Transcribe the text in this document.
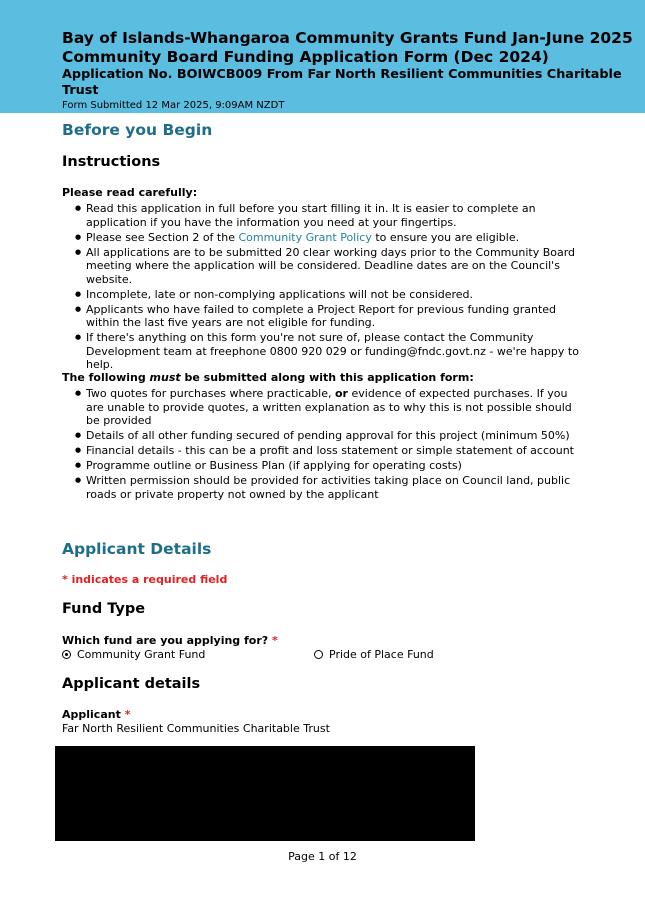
Bay of Islands-Whangaroa Community Grants Fund Jan-June 2025
Community Board Funding Application Form (Dec 2024)
Application No. BOIWCB009 From Far North Resilient Communities Charitable Trust
Form Submitted 12 Mar 2025, 9:09AM NZDT
Before you Begin
Instructions
Please read carefully:
● Read this application in full before you start filling it in. It is easier to complete an application if you have the information you need at your fingertips.
● Please see Section 2 of the Community Grant Policy to ensure you are eligible.
● All applications are to be submitted 20 clear working days prior to the Community Board meeting where the application will be considered. Deadline dates are on the Council's website.
● Incomplete, late or non-complying applications will not be considered.
● Applicants who have failed to complete a Project Report for previous funding granted within the last five years are not eligible for funding.
● If there's anything on this form you're not sure of, please contact the Community Development team at freephone 0800 920 029 or funding@fndc.govt.nz - we're happy to help.
The following must be submitted along with this application form:
● Two quotes for purchases where practicable, or evidence of expected purchases. If you are unable to provide quotes, a written explanation as to why this is not possible should be provided
● Details of all other funding secured of pending approval for this project (minimum 50%)
● Financial details - this can be a profit and loss statement or simple statement of account
● Programme outline or Business Plan (if applying for operating costs)
● Written permission should be provided for activities taking place on Council land, public roads or private property not owned by the applicant
Applicant Details
* indicates a required field
Fund Type
Which fund are you applying for? *
Community Grant Fund	Pride of Place Fund
Applicant details
Applicant *
Far North Resilient Communities Charitable Trust
Page 1 of 12
